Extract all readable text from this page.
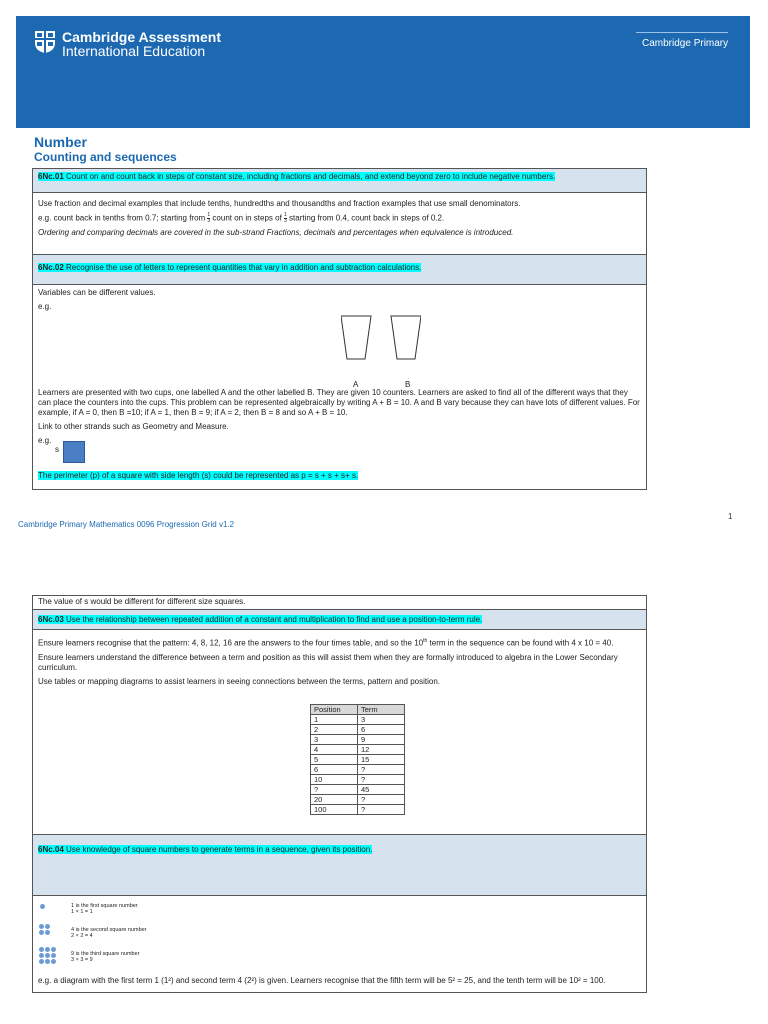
Cambridge Assessment
International Education	Cambridge Primary
Number
Counting and sequences
6Nc.01 Count on and count back in steps of constant size, including fractions and decimals, and extend beyond zero to include negative numbers.

Use fraction and decimal examples that include tenths, hundredths and thousandths and fraction examples that use small denominators.

e.g. count back in tenths from 0.7; starting from $\frac{1}{3}$ count on in steps of $\frac{1}{3}$ starting from 0.4, count back in steps of 0.2.

Ordering and comparing decimals are covered in the sub-strand Fractions, decimals and percentages when equivalence is introduced.

6Nc.02 Recognise the use of letters to represent quantities that vary in addition and subtraction calculations.

Variables can be different values.

e.g.

A	B

Learners are presented with two cups, one labelled A and the other labelled B. They are given 10 counters. Learners are asked to find all of the different ways that they can place the counters into the cups. This problem can be represented algebraically by writing A + B = 10. A and B vary because they can have lots of different values. For example, if A = 0, then B =10; if A = 1, then B = 9; if A = 2, then B = 8 and so A + B = 10.

Link to other strands such as Geometry and Measure.

e.g.

s

The perimeter (p) of a square with side length (s) could be represented as p = s + s + s+ s.

Cambridge Primary Mathematics 0096 Progression Grid v1.2
1

The value of s would be different for different size squares.

6Nc.03 Use the relationship between repeated addition of a constant and multiplication to find and use a position-to-term rule.

Ensure learners recognise that the pattern: 4, 8, 12, 16 are the answers to the four times table, and so the 10th term in the sequence can be found with 4 x 10 = 40.

Ensure learners understand the difference between a term and position as this will assist them when they are formally introduced to algebra in the Lower Secondary curriculum.

Use tables or mapping diagrams to assist learners in seeing connections between the terms, pattern and position.

Position	Term
1	3
2	6
3	9
4	12
5	15
6	?
10	?
?	45
20	?
100	?
6Nc.04 Use knowledge of square numbers to generate terms in a sequence, given its position.
1 is the first square number
1 × 1 = 1
4 is the second square number
2 × 2 = 4
9 is the third square number
3 × 3 = 9

e.g. a diagram with the first term 1 (1²) and second term 4 (2²) is given. Learners recognise that the fifth term will be 5² = 25, and the tenth term will be 10² = 100.
